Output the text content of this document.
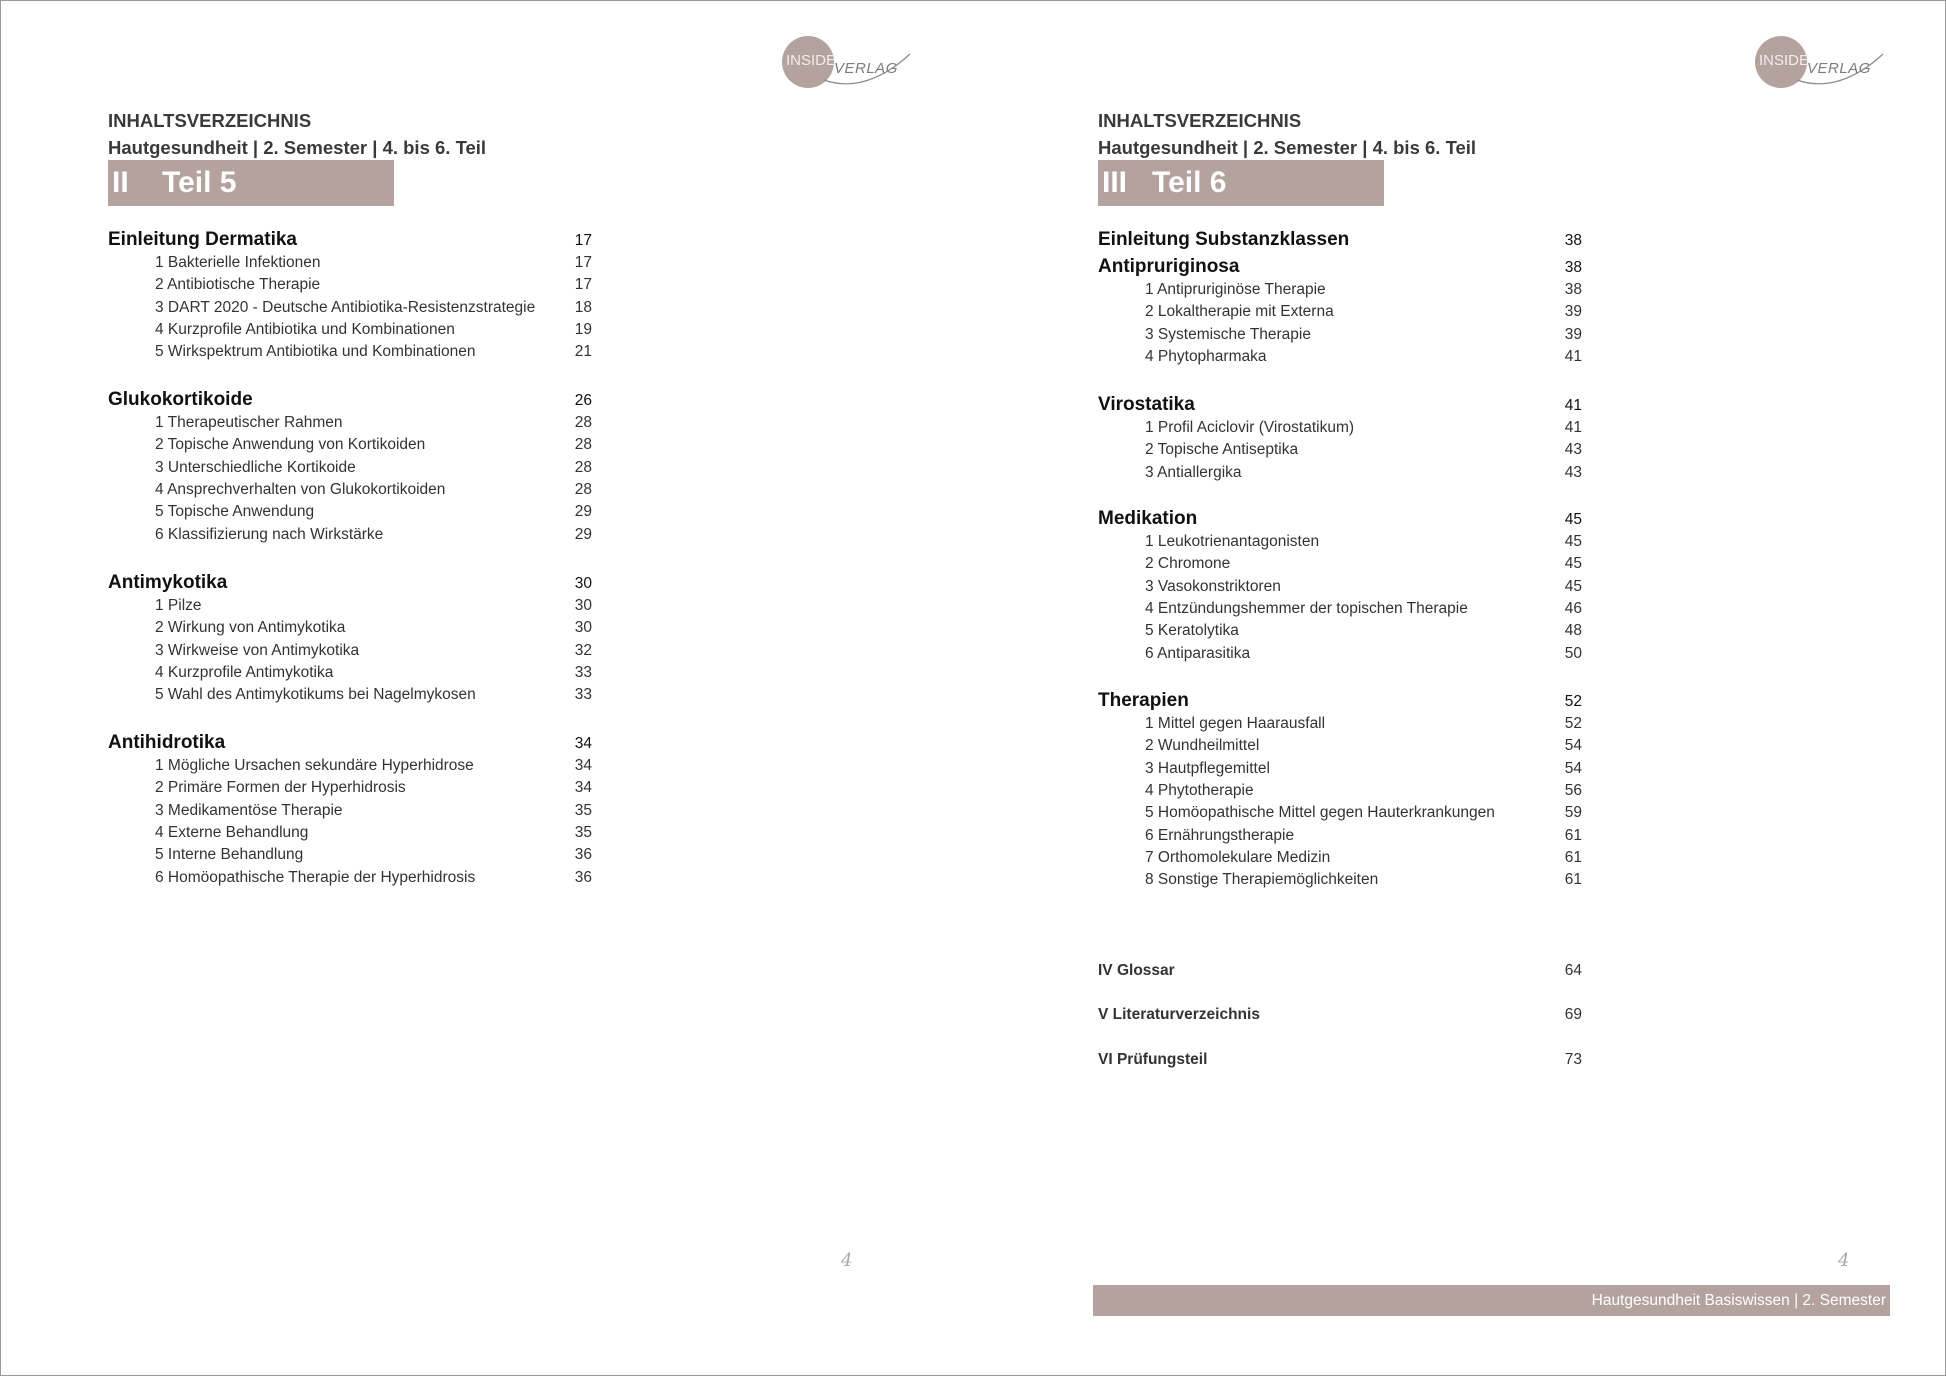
INSIDE
VERLAG
INHALTSVERZEICHNIS
Hautgesundheit | 2. Semester | 4. bis 6. Teil
II Teil 5
Einleitung Dermatika	17
1 Bakterielle Infektionen	17
2 Antibiotische Therapie	17
3 DART 2020 - Deutsche Antibiotika-Resistenzstrategie	18
4 Kurzprofile Antibiotika und Kombinationen	19
5 Wirkspektrum Antibiotika und Kombinationen	21
Glukokortikoide	26
1 Therapeutischer Rahmen	28
2 Topische Anwendung von Kortikoiden	28
3 Unterschiedliche Kortikoide	28
4 Ansprechverhalten von Glukokortikoiden	28
5 Topische Anwendung	29
6 Klassifizierung nach Wirkstärke	29
Antimykotika	30
1 Pilze	30
2 Wirkung von Antimykotika	30
3 Wirkweise von Antimykotika	32
4 Kurzprofile Antimykotika	33
5 Wahl des Antimykotikums bei Nagelmykosen	33
Antihidrotika	34
1 Mögliche Ursachen sekundäre Hyperhidrose	34
2 Primäre Formen der Hyperhidrosis	34
3 Medikamentöse Therapie	35
4 Externe Behandlung	35
5 Interne Behandlung	36
6 Homöopathische Therapie der Hyperhidrosis	36
4
INSIDE
VERLAG
INHALTSVERZEICHNIS
Hautgesundheit | 2. Semester | 4. bis 6. Teil
III Teil 6
Einleitung Substanzklassen	38
Antipruriginosa	38
1 Antipruriginöse Therapie	38
2 Lokaltherapie mit Externa	39
3 Systemische Therapie	39
4 Phytopharmaka	41
Virostatika	41
1 Profil Aciclovir (Virostatikum)	41
2 Topische Antiseptika	43
3 Antiallergika	43
Medikation	45
1 Leukotrienantagonisten	45
2 Chromone	45
3 Vasokonstriktoren	45
4 Entzündungshemmer der topischen Therapie	46
5 Keratolytika	48
6 Antiparasitika	50
Therapien	52
1 Mittel gegen Haarausfall	52
2 Wundheilmittel	54
3 Hautpflegemittel	54
4 Phytotherapie	56
5 Homöopathische Mittel gegen Hauterkrankungen	59
6 Ernährungstherapie	61
7 Orthomolekulare Medizin	61
8 Sonstige Therapiemöglichkeiten	61
IV Glossar	64
V Literaturverzeichnis	69
VI Prüfungsteil	73
4
Hautgesundheit Basiswissen | 2. Semester
